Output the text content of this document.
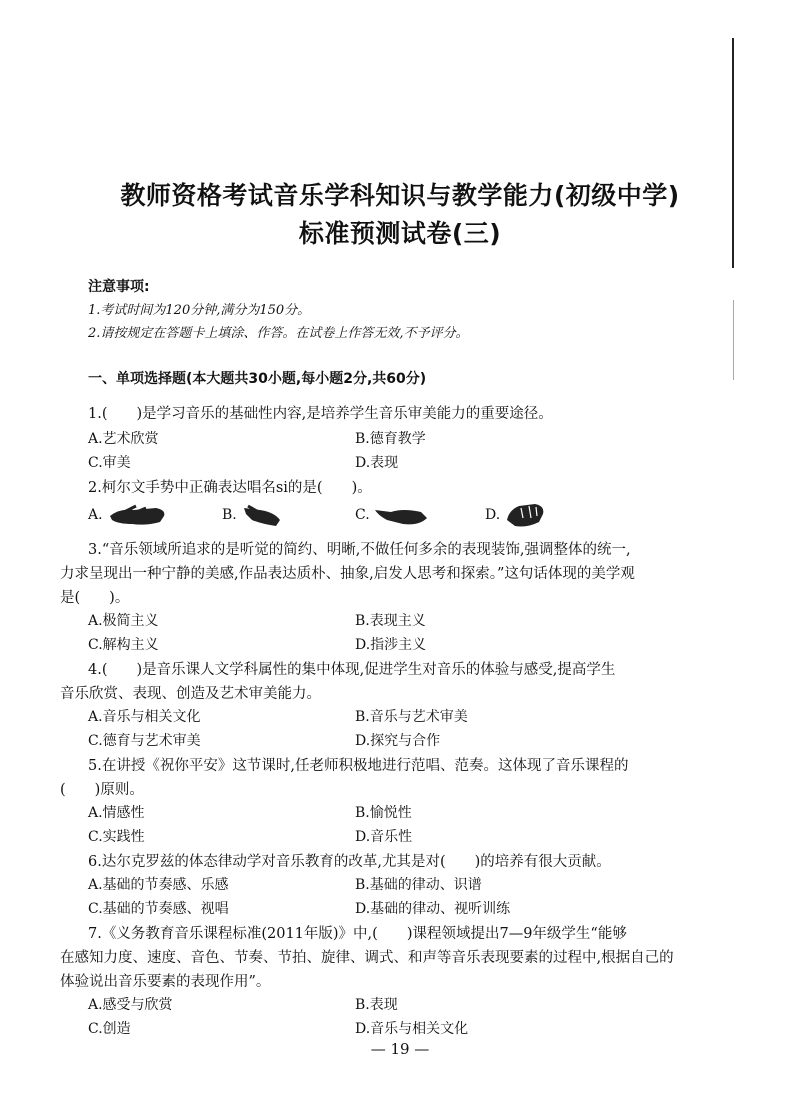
教师资格考试音乐学科知识与教学能力(初级中学)
标准预测试卷(三)
注意事项:
1.考试时间为120分钟,满分为150分。
2.请按规定在答题卡上填涂、作答。在试卷上作答无效,不予评分。
一、单项选择题(本大题共30小题,每小题2分,共60分)
1.(　　)是学习音乐的基础性内容,是培养学生音乐审美能力的重要途径。
A.艺术欣赏	B.德育教学
C.审美	D.表现
2.柯尔文手势中正确表达唱名si的是(　　)。
A.	B.	C.	D.
3.“音乐领域所追求的是听觉的简约、明晰,不做任何多余的表现装饰,强调整体的统一,
力求呈现出一种宁静的美感,作品表达质朴、抽象,启发人思考和探索。”这句话体现的美学观
是(　　)。
A.极简主义	B.表现主义
C.解构主义	D.指涉主义
4.(　　)是音乐课人文学科属性的集中体现,促进学生对音乐的体验与感受,提高学生
音乐欣赏、表现、创造及艺术审美能力。
A.音乐与相关文化	B.音乐与艺术审美
C.德育与艺术审美	D.探究与合作
5.在讲授《祝你平安》这节课时,任老师积极地进行范唱、范奏。这体现了音乐课程的
(　　)原则。
A.情感性	B.愉悦性
C.实践性	D.音乐性
6.达尔克罗兹的体态律动学对音乐教育的改革,尤其是对(　　)的培养有很大贡献。
A.基础的节奏感、乐感	B.基础的律动、识谱
C.基础的节奏感、视唱	D.基础的律动、视听训练
7.《义务教育音乐课程标准(2011年版)》中,(　　)课程领域提出7—9年级学生“能够
在感知力度、速度、音色、节奏、节拍、旋律、调式、和声等音乐表现要素的过程中,根据自己的
体验说出音乐要素的表现作用”。
A.感受与欣赏	B.表现
C.创造	D.音乐与相关文化
— 19 —
